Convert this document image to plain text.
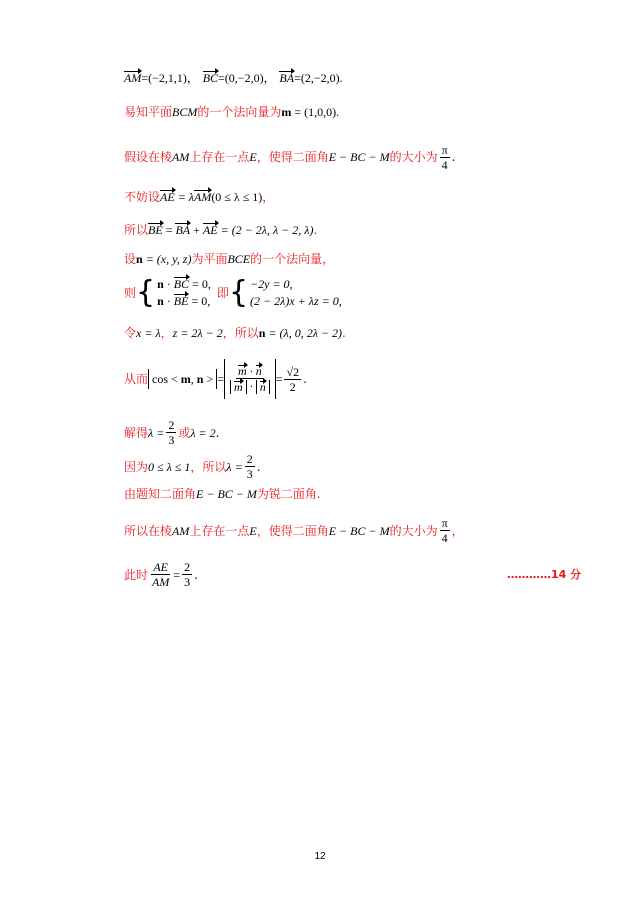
AM=(−2,1,1)， BC=(0,−2,0)， BA=(2,−2,0).
易知平面BCM的一个法向量为m = (1,0,0).
假设在棱AM上存在一点E，使得二面角E − BC − M的大小为 $\frac{\pi}{4}$ .
不妨设AE = λAM(0 ≤ λ ≤ 1)，
所以BE = BA + AE = (2 − 2λ, λ − 2, λ).
设n = (x, y, z)为平面BCE的一个法向量，
则 { n · BC = 0,
n · BE = 0,
即 { −2y = 0,
(2 − 2λ)x + λz = 0,
令x = λ，z = 2λ − 2，所以n = (λ, 0, 2λ − 2).
从而 cos < m, n > = $\frac{m \cdot n}{m \cdot n} = \frac{√2}{2}$ .
解得 $\lambda = \frac{2}{3}$ 或 λ = 2 .
因为 0 ≤ λ ≤ 1 ，所以 $\lambda = \frac{2}{3}$ .
由题知二面角E − BC − M为锐二面角.
所以在棱 AM 上存在一点 E ，使得二面角 E − BC − M 的大小为 $\frac{\pi}{4}$ ，
此时 $\frac{AE}{AM} = \frac{2}{3}$ .	…………14 分
12
